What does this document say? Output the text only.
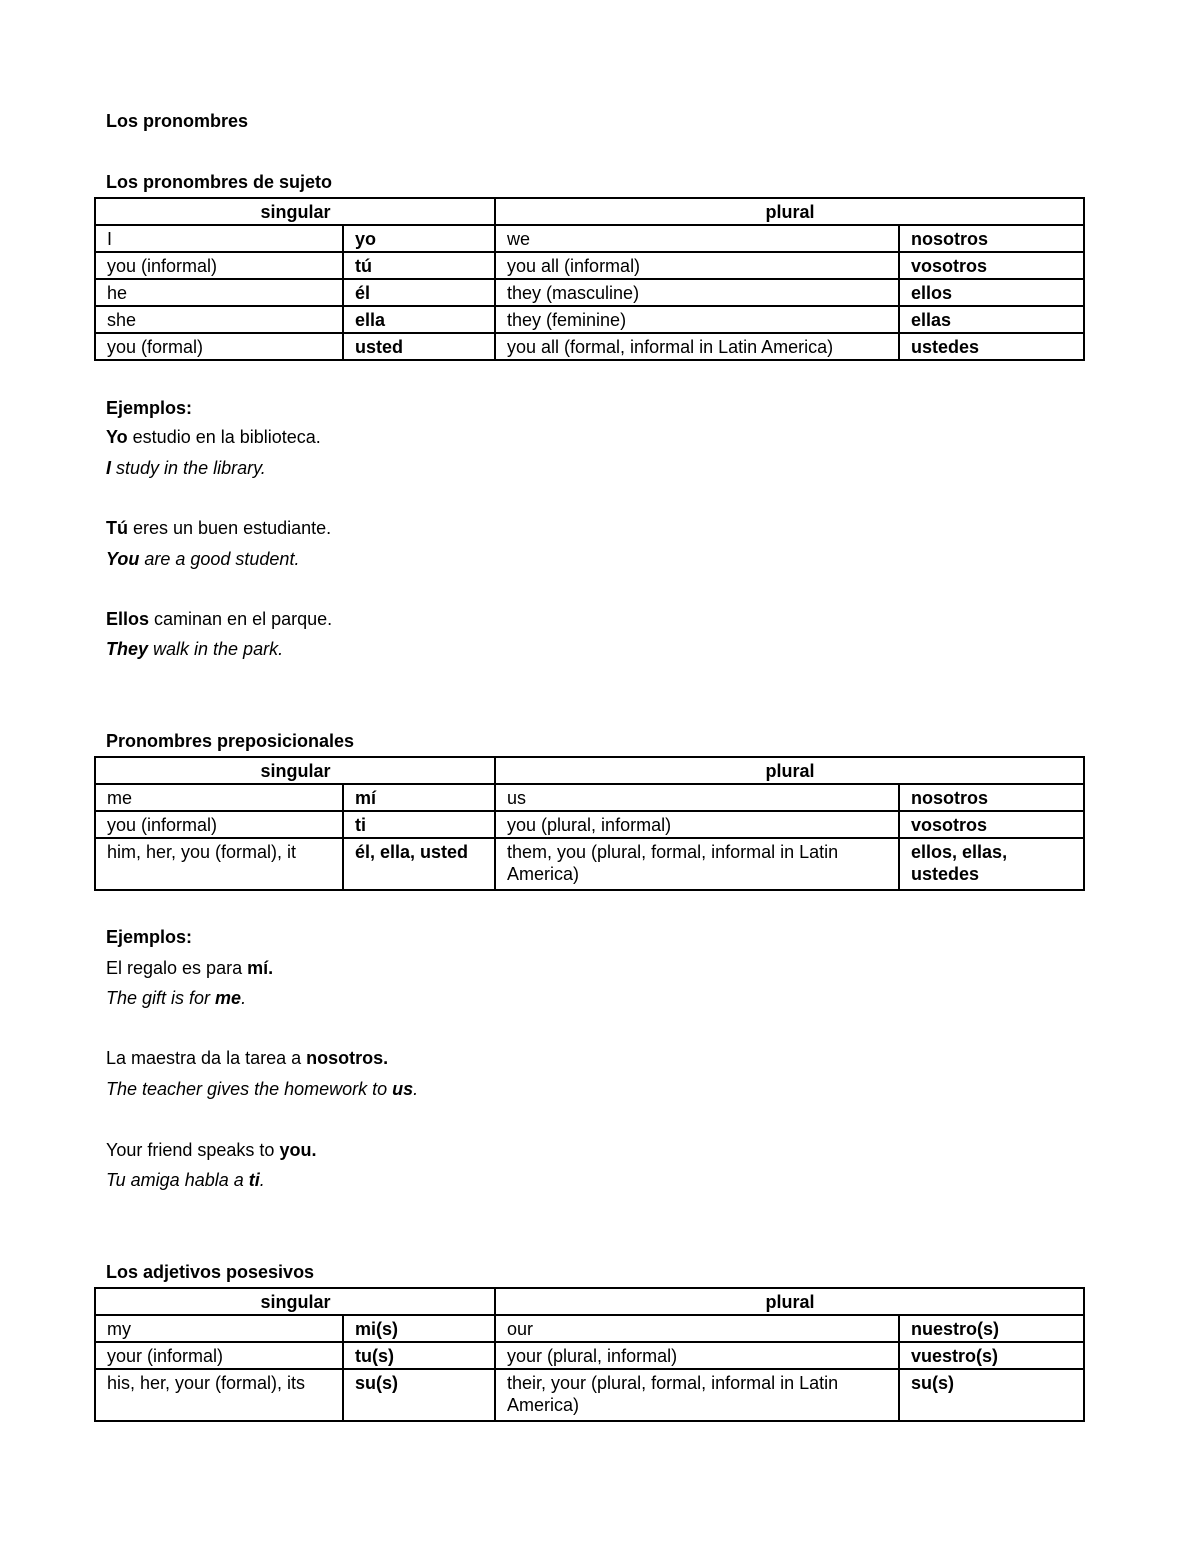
Los pronombres
Los pronombres de sujeto
singular		plural	
I	yo	we	nosotros
you (informal)	tú	you all (informal)	vosotros
he	él	they (masculine)	ellos
she	ella	they (feminine)	ellas
you (formal)	usted	you all (formal, informal in Latin America)	ustedes
Ejemplos:
Yo estudio en la biblioteca.
I study in the library.
Tú eres un buen estudiante.
You are a good student.
Ellos caminan en el parque.
They walk in the park.
Pronombres preposicionales
singular		plural	
me	mí	us	nosotros
you (informal)	ti	you (plural, informal)	vosotros
him, her, you (formal), it	él, ella, usted	them, you (plural, formal, informal in Latin America)	ellos, ellas, ustedes
Ejemplos:
El regalo es para mí.
The gift is for me.
La maestra da la tarea a nosotros.
The teacher gives the homework to us.
Your friend speaks to you.
Tu amiga habla a ti.
Los adjetivos posesivos
singular		plural	
my	mi(s)	our	nuestro(s)
your (informal)	tu(s)	your (plural, informal)	vuestro(s)
his, her, your (formal), its	su(s)	their, your (plural, formal, informal in Latin America)	su(s)
